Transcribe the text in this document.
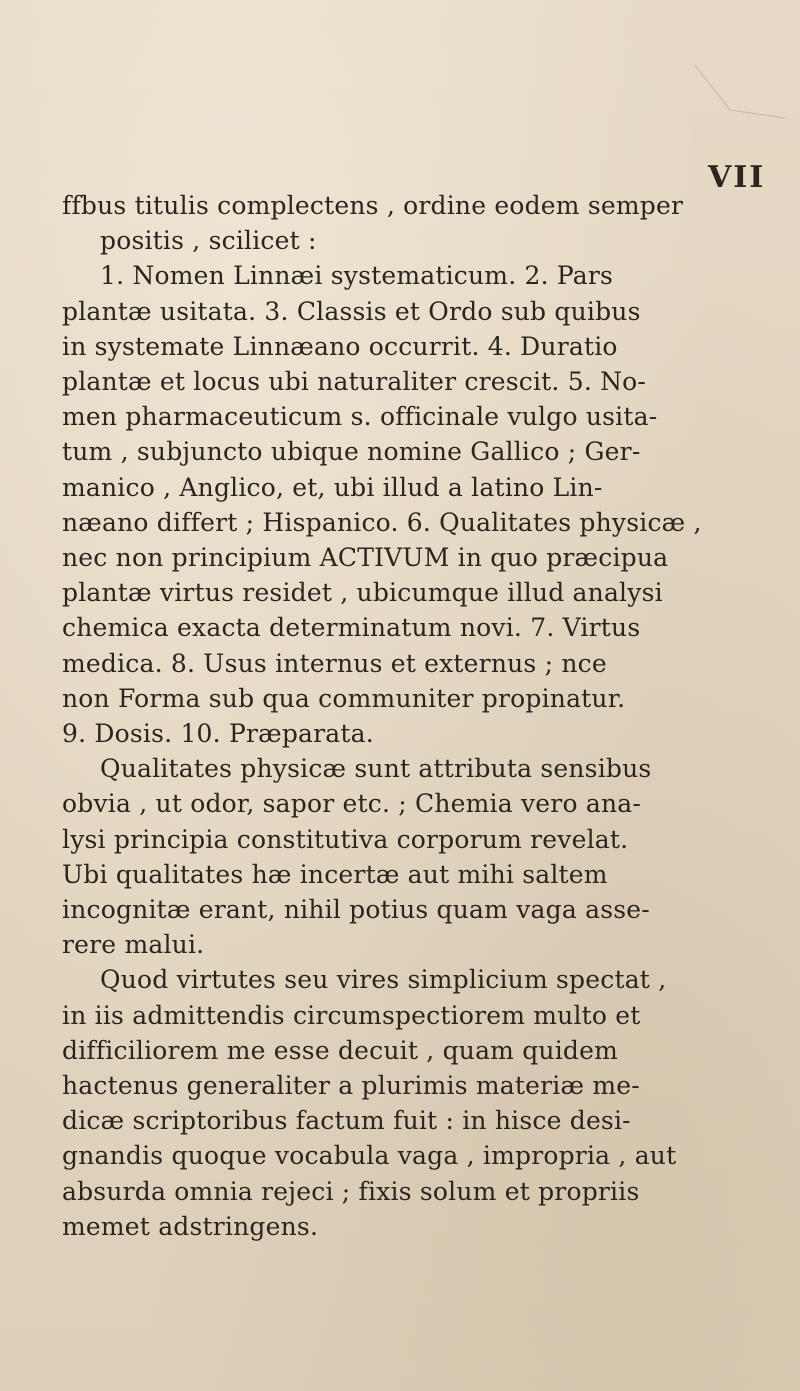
VII

ffbus titulis complectens , ordine eodem semper
positis , scilicet :

1. Nomen Linnæi systematicum. 2. Pars
plantæ usitata. 3. Classis et Ordo sub quibus
in systemate Linnæano occurrit. 4. Duratio
plantæ et locus ubi naturaliter crescit. 5. No-
men pharmaceuticum s. officinale vulgo usita-
tum , subjuncto ubique nomine Gallico ; Ger-
manico , Anglico, et, ubi illud a latino Lin-
næano differt ; Hispanico. 6. Qualitates physicæ ,
nec non principium ACTIVUM in quo præcipua
plantæ virtus residet , ubicumque illud analysi
chemica exacta determinatum novi. 7. Virtus
medica. 8. Usus internus et externus ; nce
non Forma sub qua communiter propinatur.
9. Dosis. 10. Præparata.

Qualitates physicæ sunt attributa sensibus
obvia , ut odor, sapor etc. ; Chemia vero ana-
lysi principia constitutiva corporum revelat.
Ubi qualitates hæ incertæ aut mihi saltem
incognitæ erant, nihil potius quam vaga asse-
rere malui.

Quod virtutes seu vires simplicium spectat ,
in iis admittendis circumspectiorem multo et
difficiliorem me esse decuit , quam quidem
hactenus generaliter a plurimis materiæ me-
dicæ scriptoribus factum fuit : in hisce desi-
gnandis quoque vocabula vaga , impropria , aut
absurda omnia rejeci ; fixis solum et propriis
memet adstringens.
